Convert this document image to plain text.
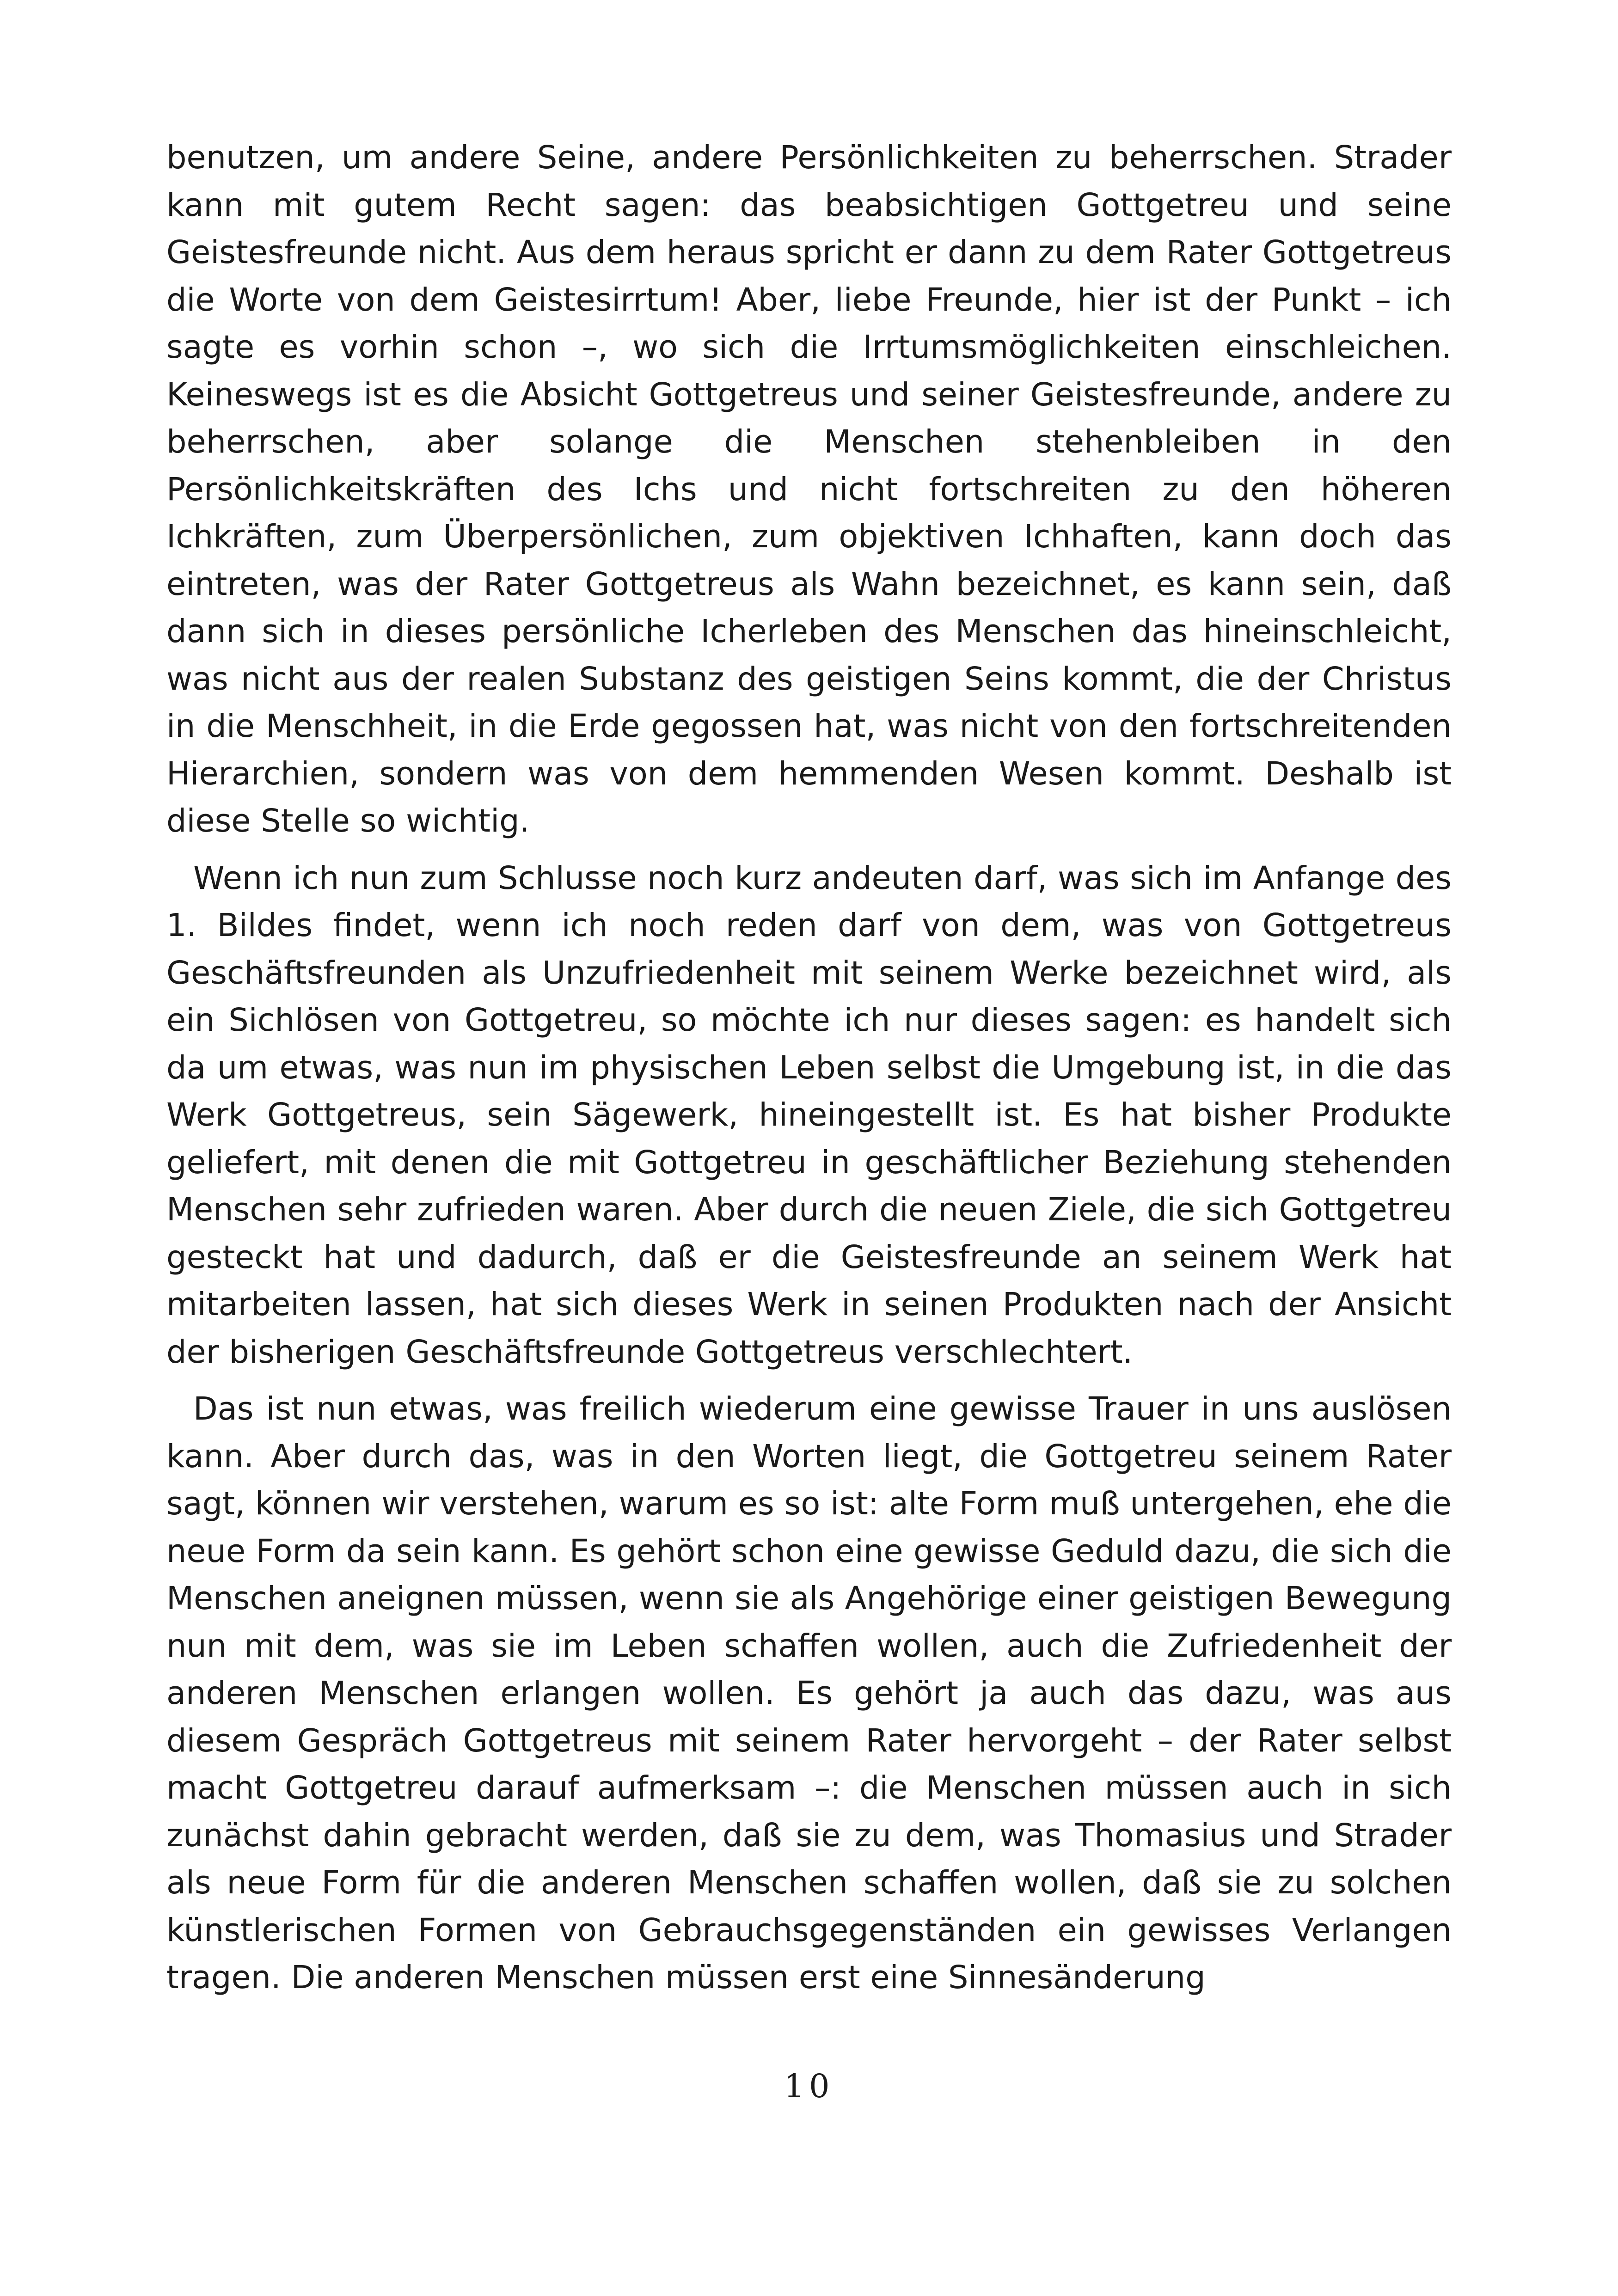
benutzen, um andere Seine, andere Persönlichkeiten zu beherrschen. Strader kann mit gutem Recht sagen: das beabsichtigen Gottgetreu und seine Geistesfreunde nicht. Aus dem heraus spricht er dann zu dem Rater Gottgetreus die Worte von dem Geistesirrtum! Aber, liebe Freunde, hier ist der Punkt – ich sagte es vorhin schon –, wo sich die Irrtumsmöglichkeiten einschleichen. Keineswegs ist es die Absicht Gottgetreus und seiner Geistesfreunde, andere zu beherrschen, aber solange die Menschen stehenbleiben in den Persönlichkeitskräften des Ichs und nicht fortschreiten zu den höheren Ichkräften, zum Überpersönlichen, zum objektiven Ichhaften, kann doch das eintreten, was der Rater Gottgetreus als Wahn bezeichnet, es kann sein, daß dann sich in dieses persönliche Icherleben des Menschen das hineinschleicht, was nicht aus der realen Substanz des geistigen Seins kommt, die der Christus in die Menschheit, in die Erde gegossen hat, was nicht von den fortschreitenden Hierarchien, sondern was von dem hemmenden Wesen kommt. Deshalb ist diese Stelle so wichtig.

Wenn ich nun zum Schlusse noch kurz andeuten darf, was sich im Anfange des 1. Bildes findet, wenn ich noch reden darf von dem, was von Gottgetreus Geschäftsfreunden als Unzufriedenheit mit seinem Werke bezeichnet wird, als ein Sichlösen von Gottgetreu, so möchte ich nur dieses sagen: es handelt sich da um etwas, was nun im physischen Leben selbst die Umgebung ist, in die das Werk Gottgetreus, sein Sägewerk, hineingestellt ist. Es hat bisher Produkte geliefert, mit denen die mit Gottgetreu in geschäftlicher Beziehung stehenden Menschen sehr zufrieden waren. Aber durch die neuen Ziele, die sich Gottgetreu gesteckt hat und dadurch, daß er die Geistesfreunde an seinem Werk hat mitarbeiten lassen, hat sich dieses Werk in seinen Produkten nach der Ansicht der bisherigen Geschäftsfreunde Gottgetreus verschlechtert.

Das ist nun etwas, was freilich wiederum eine gewisse Trauer in uns auslösen kann. Aber durch das, was in den Worten liegt, die Gottgetreu seinem Rater sagt, können wir verstehen, warum es so ist: alte Form muß untergehen, ehe die neue Form da sein kann. Es gehört schon eine gewisse Geduld dazu, die sich die Menschen aneignen müssen, wenn sie als Angehörige einer geistigen Bewegung nun mit dem, was sie im Leben schaffen wollen, auch die Zufriedenheit der anderen Menschen erlangen wollen. Es gehört ja auch das dazu, was aus diesem Gespräch Gottgetreus mit seinem Rater hervorgeht – der Rater selbst macht Gottgetreu darauf aufmerksam –: die Menschen müssen auch in sich zunächst dahin gebracht werden, daß sie zu dem, was Thomasius und Strader als neue Form für die anderen Menschen schaffen wollen, daß sie zu solchen künstlerischen Formen von Gebrauchsgegenständen ein gewisses Verlangen tragen. Die anderen Menschen müssen erst eine Sinnesänderung

10
